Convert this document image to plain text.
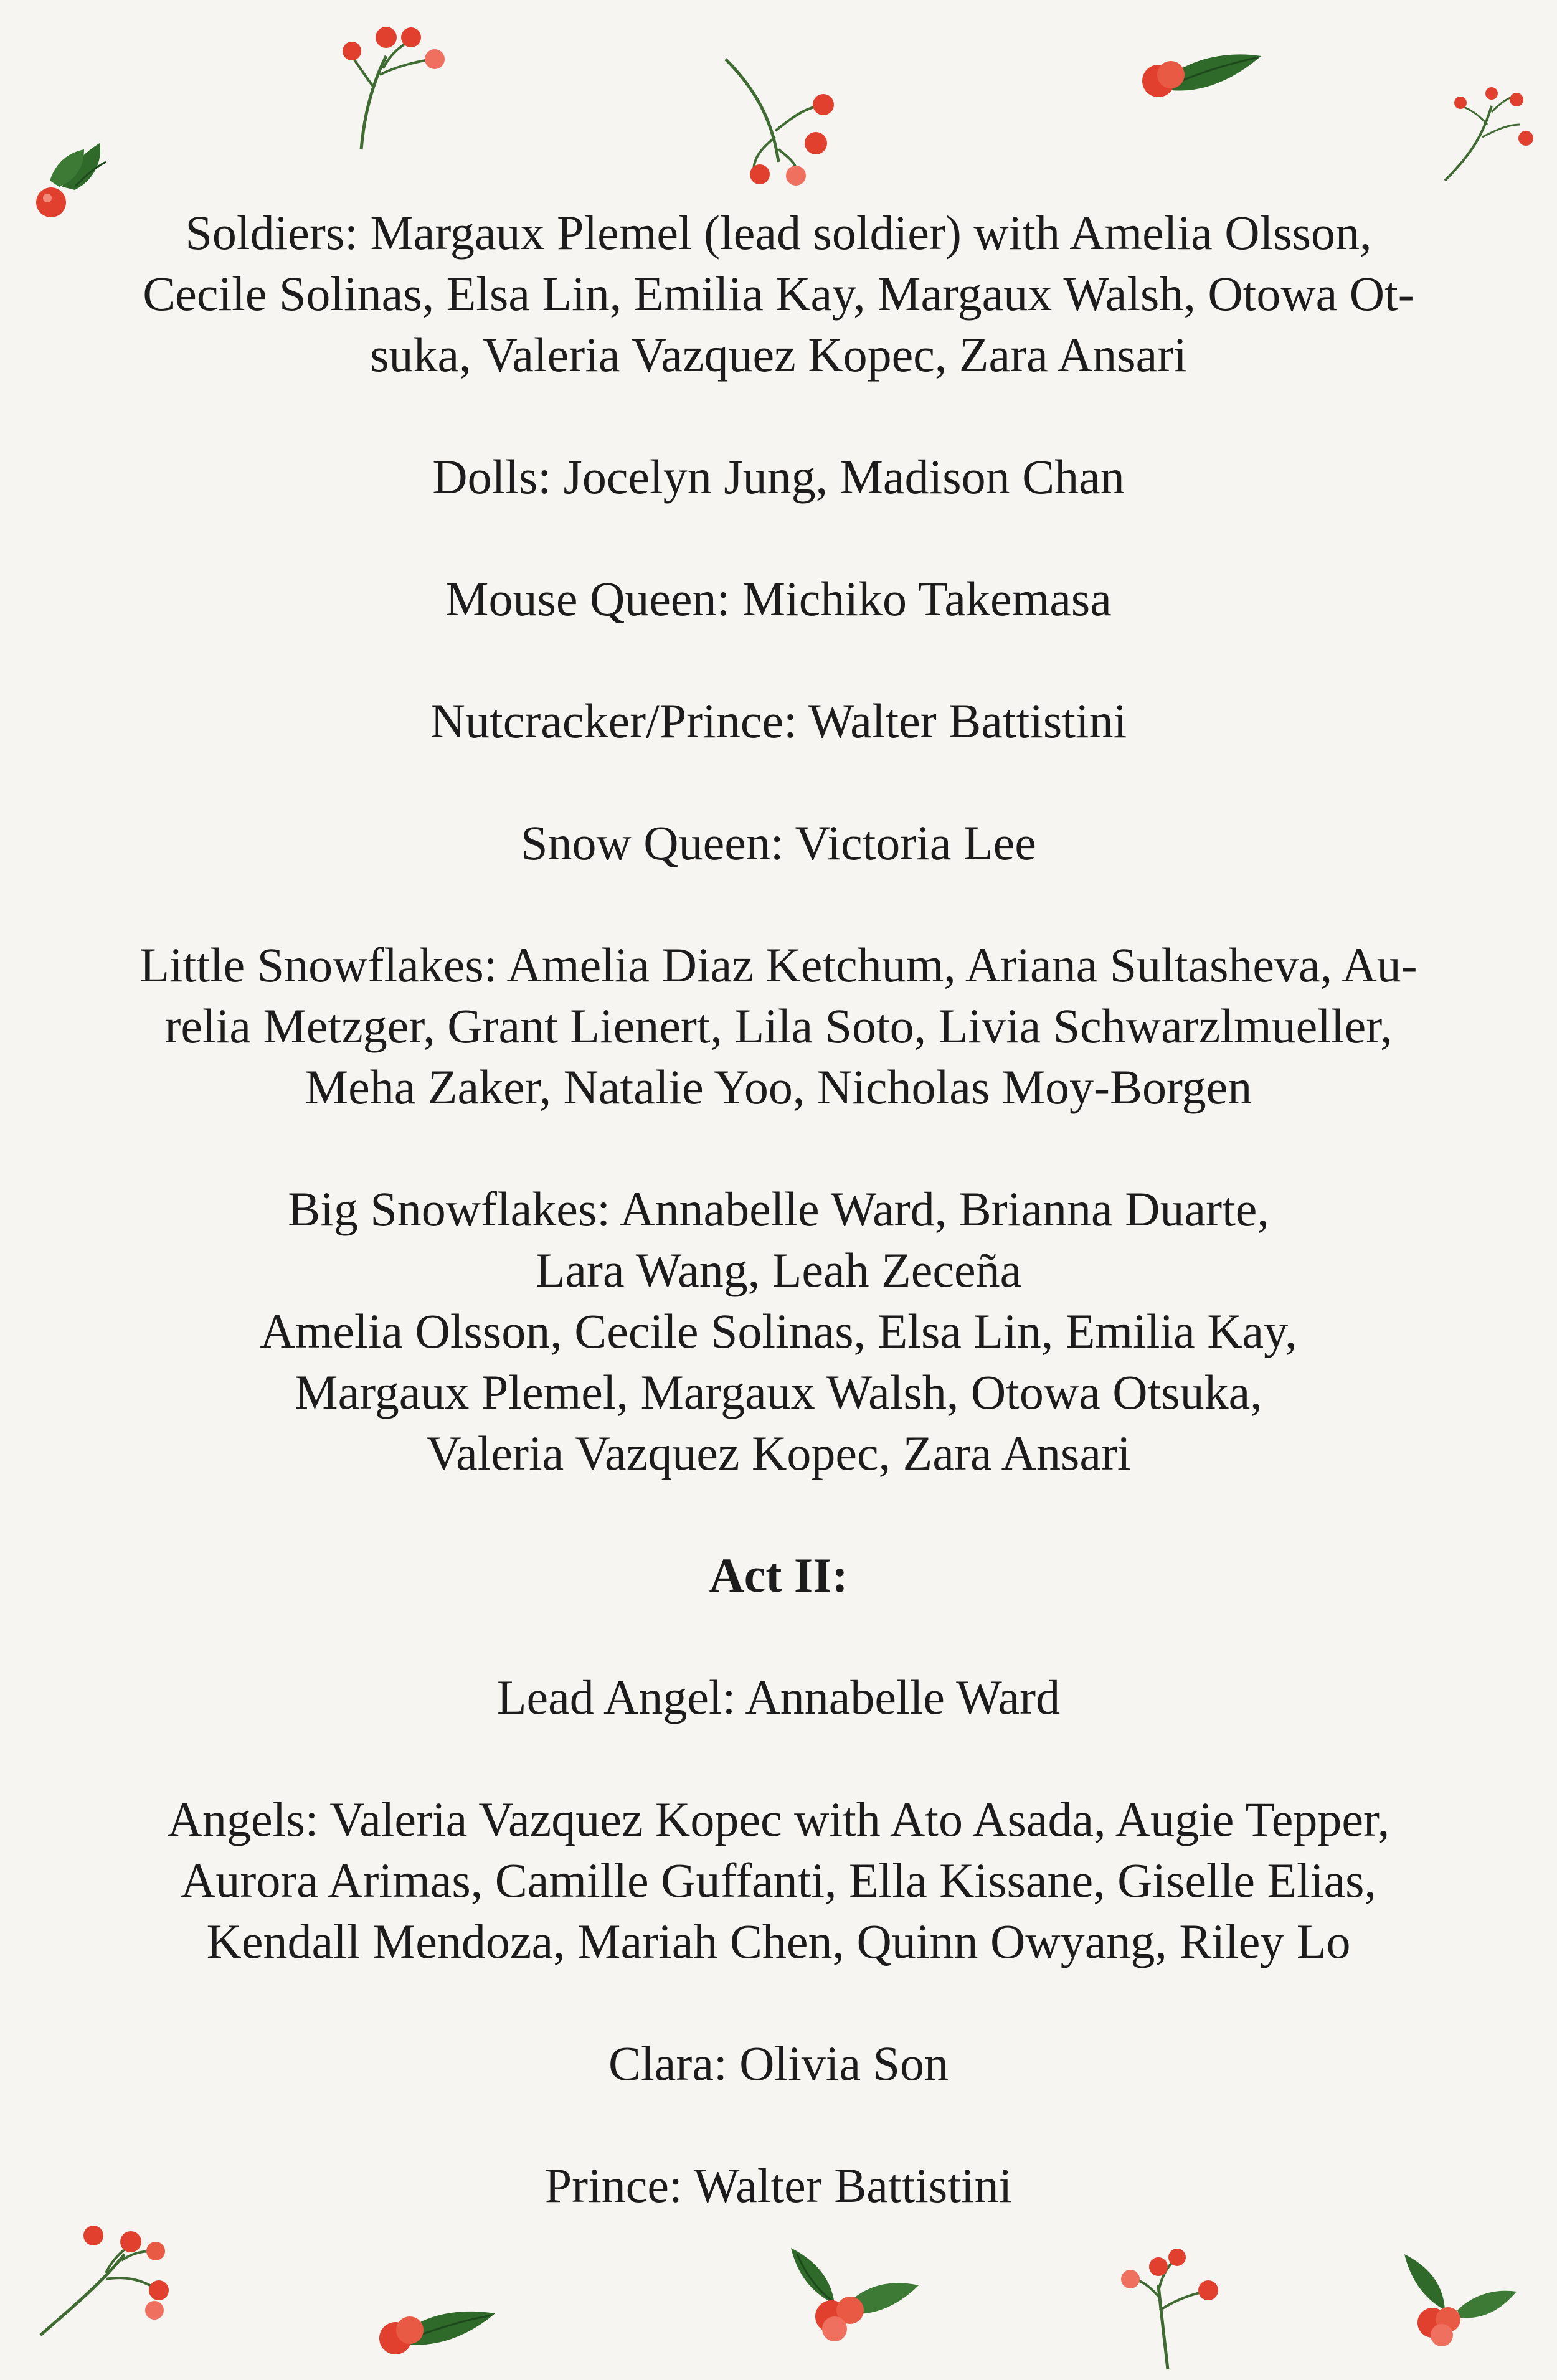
Soldiers: Margaux Plemel (lead soldier) with Amelia Olsson,
Cecile Solinas, Elsa Lin, Emilia Kay, Margaux Walsh, Otowa Ot-
suka, Valeria Vazquez Kopec, Zara Ansari
Dolls: Jocelyn Jung, Madison Chan
Mouse Queen: Michiko Takemasa
Nutcracker/Prince: Walter Battistini
Snow Queen: Victoria Lee
Little Snowflakes: Amelia Diaz Ketchum, Ariana Sultasheva, Au-
relia Metzger, Grant Lienert, Lila Soto, Livia Schwarzlmueller,
Meha Zaker, Natalie Yoo, Nicholas Moy-Borgen
Big Snowflakes: Annabelle Ward, Brianna Duarte,
Lara Wang, Leah Zeceña
Amelia Olsson, Cecile Solinas, Elsa Lin, Emilia Kay,
Margaux Plemel, Margaux Walsh, Otowa Otsuka,
Valeria Vazquez Kopec, Zara Ansari
Act II:
Lead Angel: Annabelle Ward
Angels: Valeria Vazquez Kopec with Ato Asada, Augie Tepper,
Aurora Arimas, Camille Guffanti, Ella Kissane, Giselle Elias,
Kendall Mendoza, Mariah Chen, Quinn Owyang, Riley Lo
Clara: Olivia Son
Prince: Walter Battistini
